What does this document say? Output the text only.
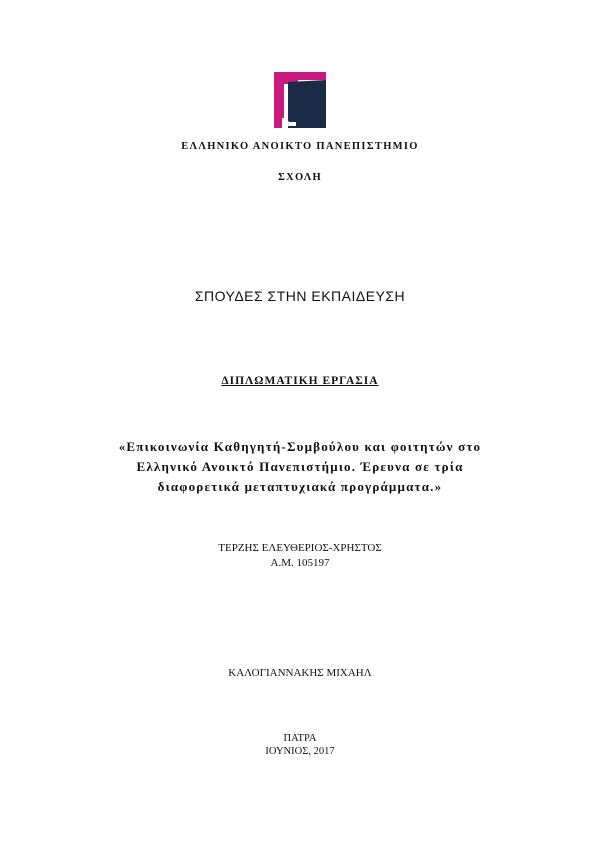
ΕΛΛΗΝΙΚΟ ΑΝΟΙΚΤΟ ΠΑΝΕΠΙΣΤΗΜΙΟ
ΣΧΟΛΗ
ΣΠΟΥΔΕΣ ΣΤΗΝ ΕΚΠΑΙΔΕΥΣΗ
ΔΙΠΛΩΜΑΤΙΚΗ ΕΡΓΑΣΙΑ
«Επικοινωνία Καθηγητή-Συμβούλου και φοιτητών στο
Ελληνικό Ανοικτό Πανεπιστήμιο. Έρευνα σε τρία
διαφορετικά μεταπτυχιακά προγράμματα.»
ΤΕΡΖΗΣ ΕΛΕΥΘΕΡΙΟΣ-ΧΡΗΣΤΟΣ
Α.Μ. 105197
ΚΑΛΟΓΙΑΝΝΑΚΗΣ ΜΙΧΑΗΛ
ΠΑΤΡΑ
ΙΟΥΝΙΟΣ, 2017
